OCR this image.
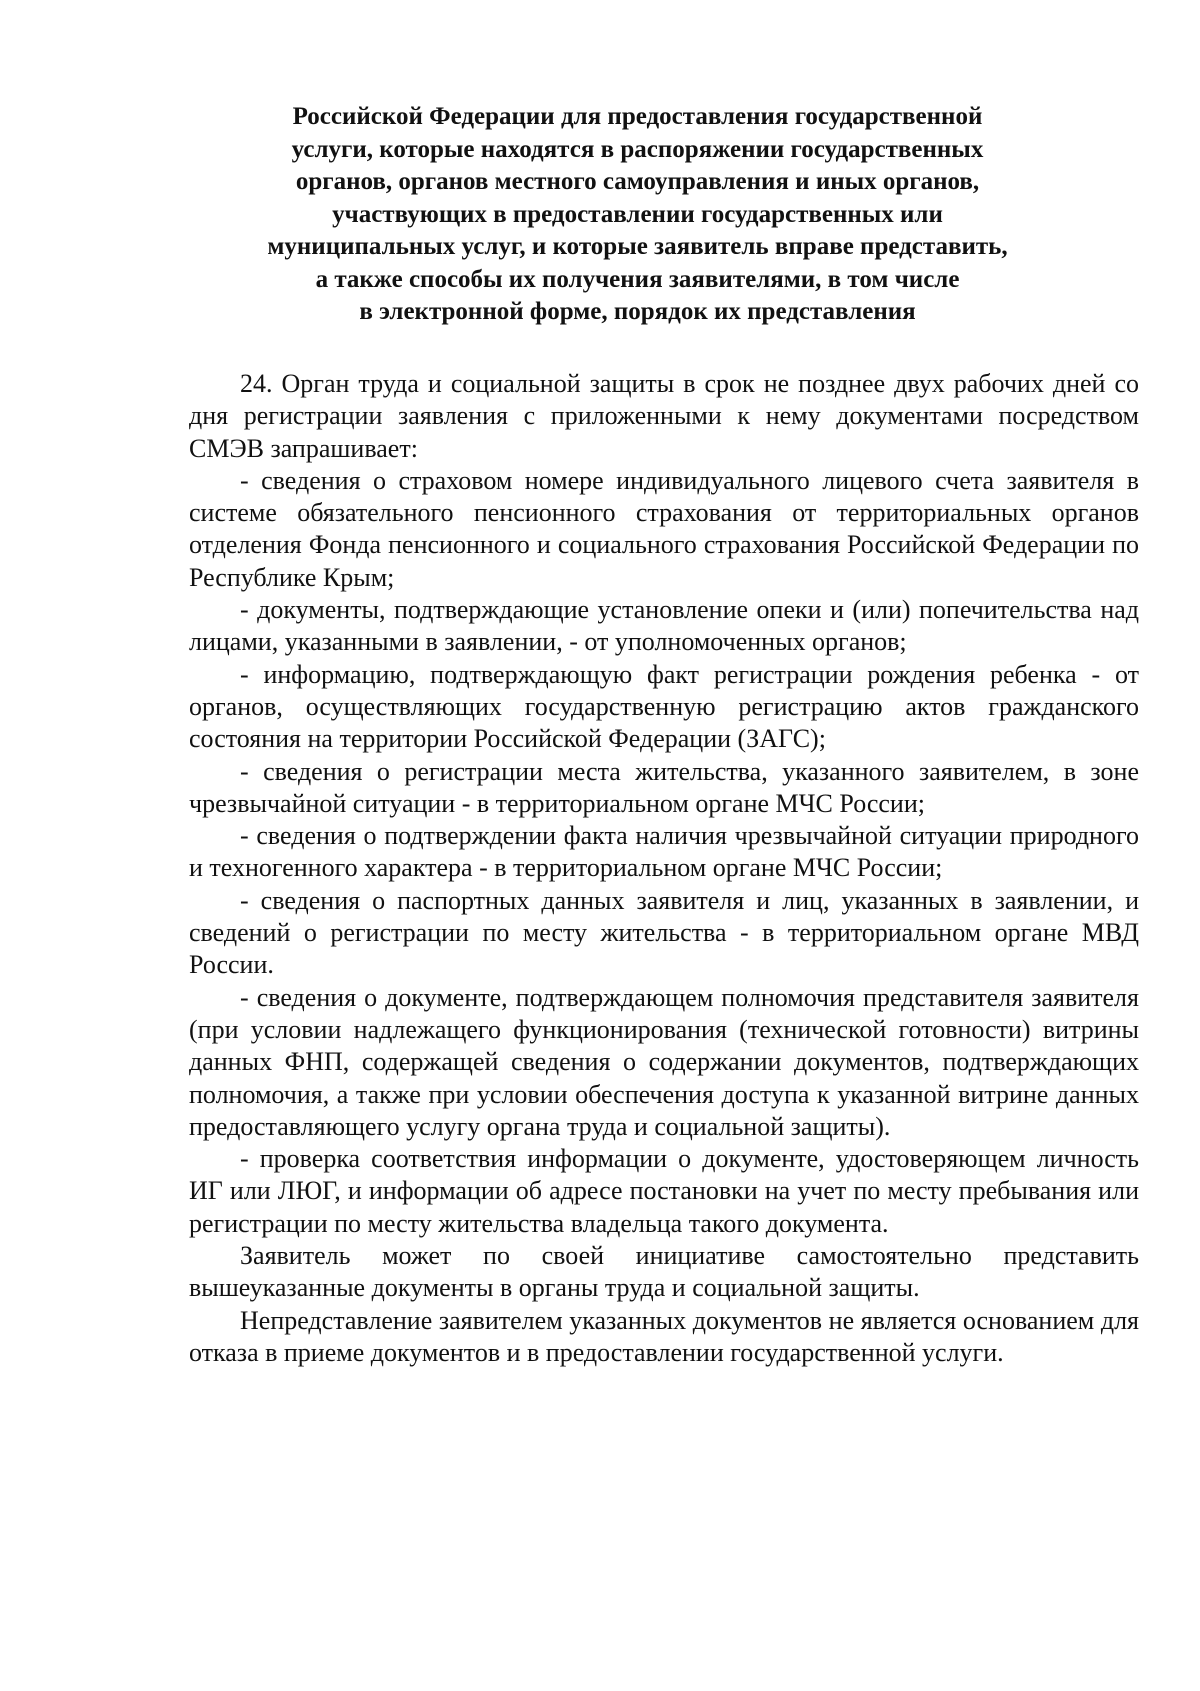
Российской Федерации для предоставления государственной
услуги, которые находятся в распоряжении государственных
органов, органов местного самоуправления и иных органов,
участвующих в предоставлении государственных или
муниципальных услуг, и которые заявитель вправе представить,
а также способы их получения заявителями, в том числе
в электронной форме, порядок их представления

24. Орган труда и социальной защиты в срок не позднее двух рабочих дней со дня регистрации заявления с приложенными к нему документами посредством СМЭВ запрашивает:

- сведения о страховом номере индивидуального лицевого счета заявителя в системе обязательного пенсионного страхования от территориальных органов отделения Фонда пенсионного и социального страхования Российской Федерации по Республике Крым;

- документы, подтверждающие установление опеки и (или) попечительства над лицами, указанными в заявлении, - от уполномоченных органов;

- информацию, подтверждающую факт регистрации рождения ребенка - от органов, осуществляющих государственную регистрацию актов гражданского состояния на территории Российской Федерации (ЗАГС);

- сведения о регистрации места жительства, указанного заявителем, в зоне чрезвычайной ситуации - в территориальном органе МЧС России;

- сведения о подтверждении факта наличия чрезвычайной ситуации природного и техногенного характера - в территориальном органе МЧС России;

- сведения о паспортных данных заявителя и лиц, указанных в заявлении, и сведений о регистрации по месту жительства - в территориальном органе МВД России.

- сведения о документе, подтверждающем полномочия представителя заявителя (при условии надлежащего функционирования (технической готовности) витрины данных ФНП, содержащей сведения о содержании документов, подтверждающих полномочия, а также при условии обеспечения доступа к указанной витрине данных предоставляющего услугу органа труда и социальной защиты).

- проверка соответствия информации о документе, удостоверяющем личность ИГ или ЛЮГ, и информации об адресе постановки на учет по месту пребывания или регистрации по месту жительства владельца такого документа.

Заявитель может по своей инициативе самостоятельно представить вышеуказанные документы в органы труда и социальной защиты.

Непредставление заявителем указанных документов не является основанием для отказа в приеме документов и в предоставлении государственной услуги.
